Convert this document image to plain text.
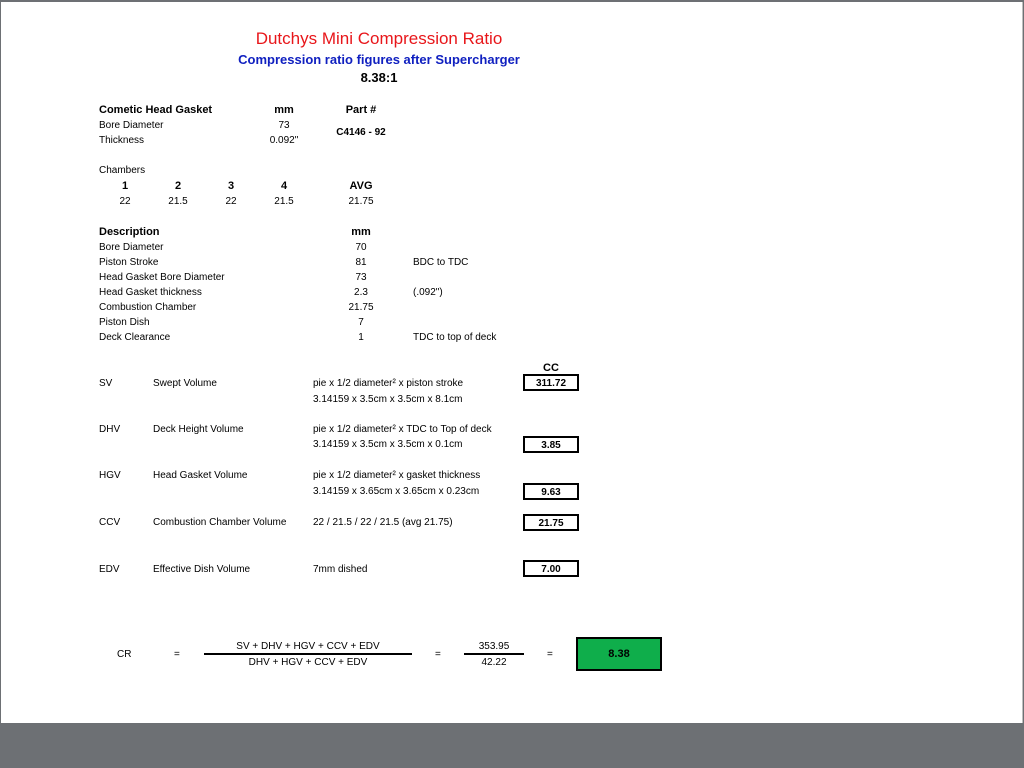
Dutchys Mini Compression Ratio
Compression ratio figures after Supercharger
8.38:1
Cometic Head Gasket	mm	Part #
Bore Diameter	73
Thickness	0.092"
C4146 - 92
Chambers
1	2	3	4	AVG
22	21.5	22	21.5	21.75
Description	mm
Bore Diameter	70
Piston Stroke	81	BDC to TDC
Head Gasket Bore Diameter	73
Head Gasket thickness	2.3	(.092")
Combustion Chamber	21.75
Piston Dish	7
Deck Clearance	1	TDC to top of deck
CC
SV	Swept Volume	pie x 1/2 diameter² x piston stroke
3.14159 x 3.5cm x 3.5cm x 8.1cm
311.72
DHV	Deck Height Volume	pie x 1/2 diameter² x TDC to Top of deck
3.14159 x 3.5cm x 3.5cm x 0.1cm	3.85
HGV	Head Gasket Volume	pie x 1/2 diameter² x gasket thickness
3.14159 x 3.65cm x 3.65cm x 0.23cm	9.63
CCV	Combustion Chamber Volume	22 / 21.5 / 22 / 21.5 (avg 21.75)	21.75
EDV	Effective Dish Volume	7mm dished	7.00
CR	=
SV + DHV + HGV + CCV + EDV
DHV + HGV + CCV + EDV
=
353.95
42.22
=	8.38
